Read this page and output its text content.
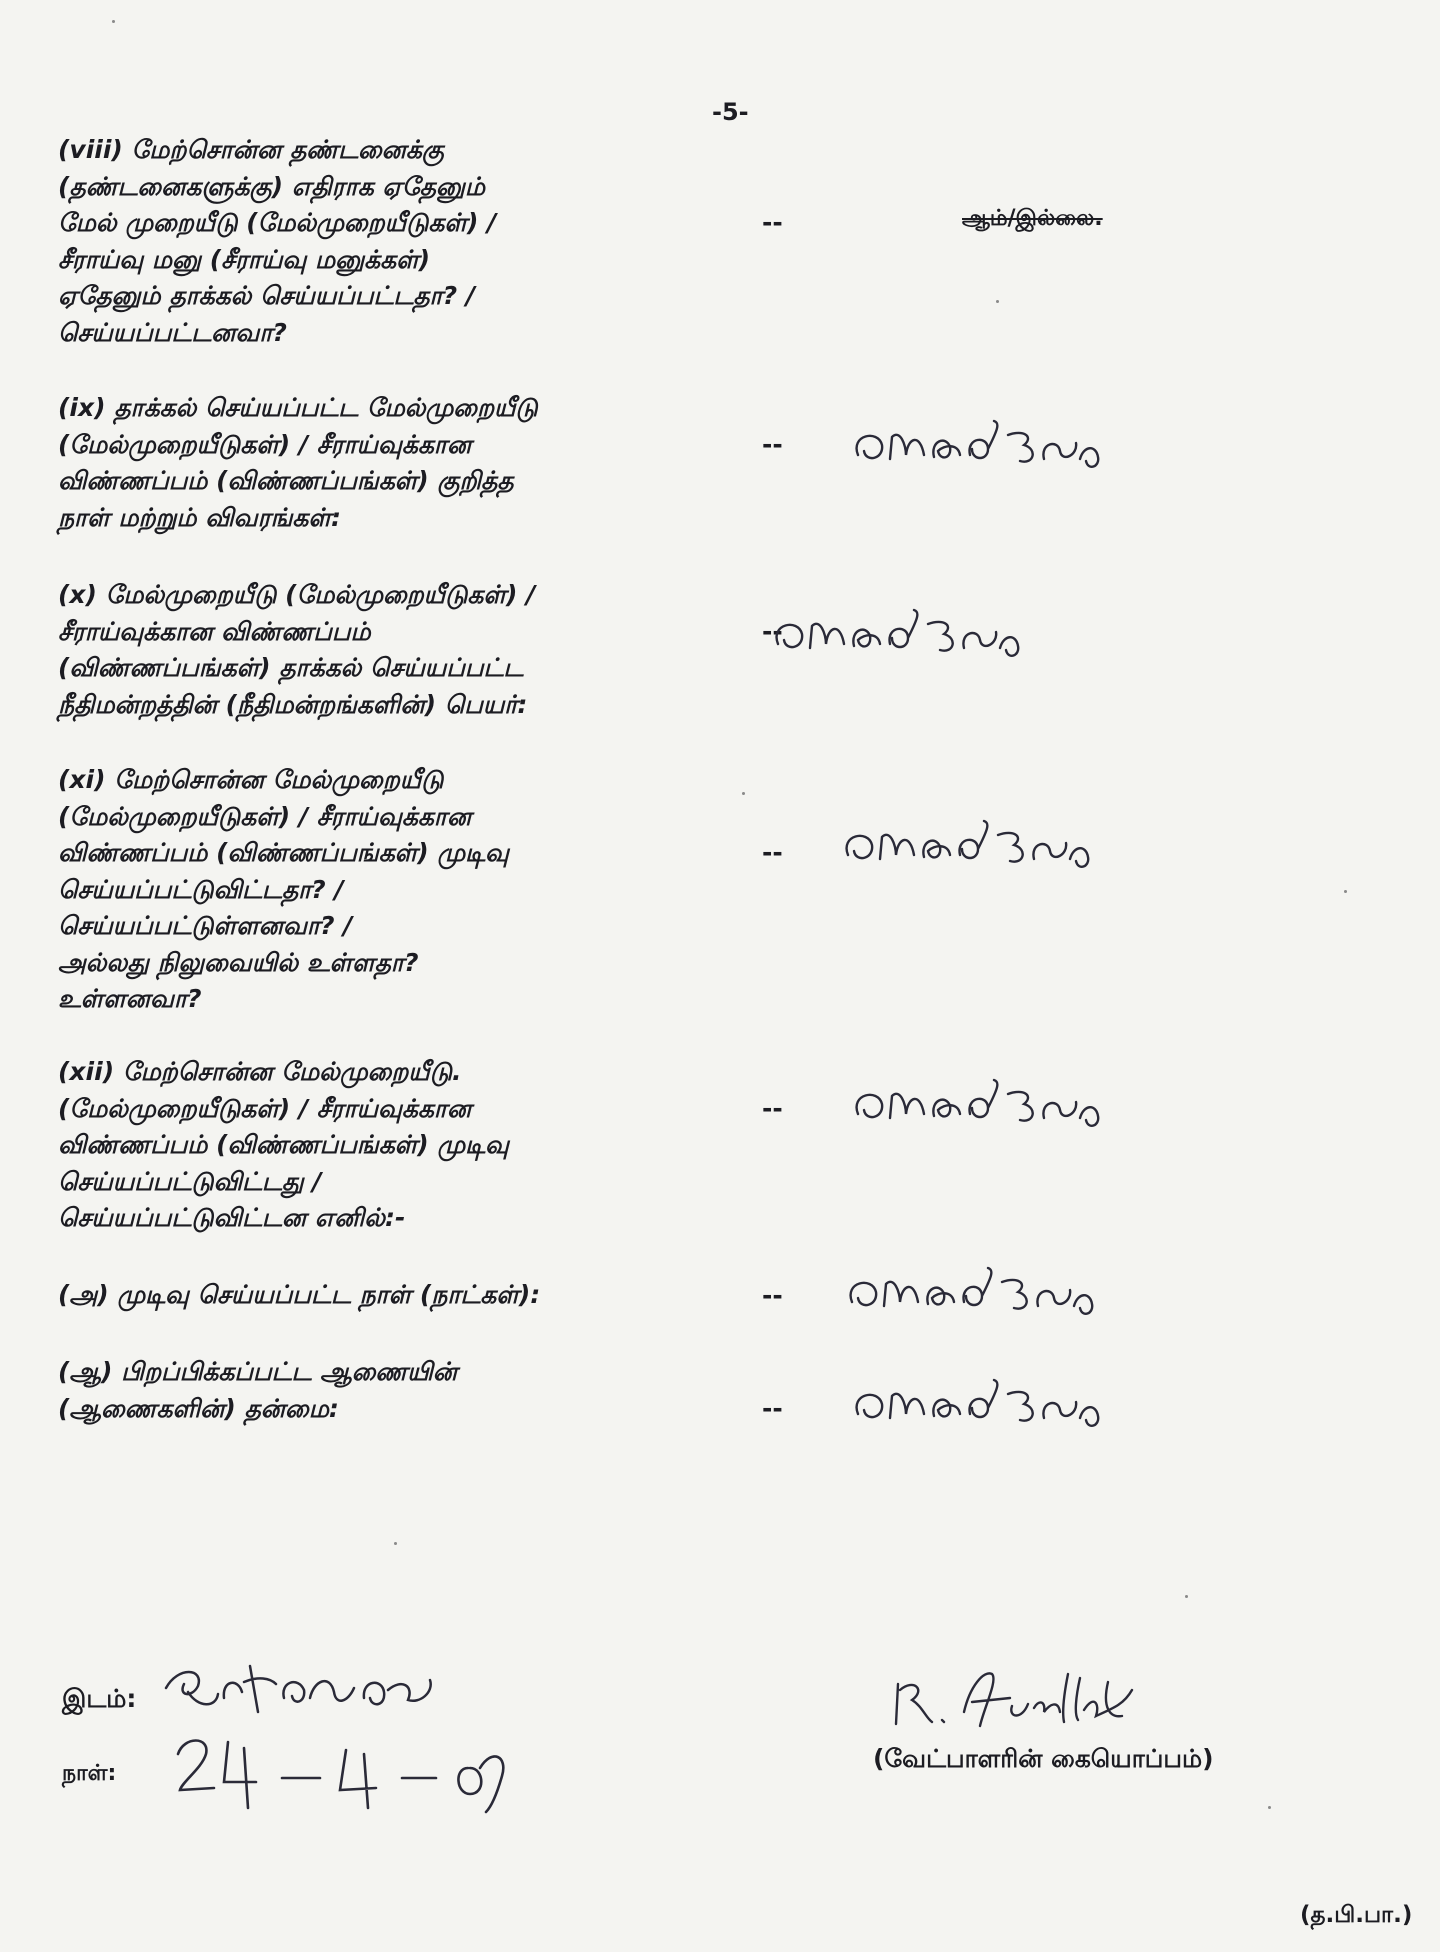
-5-
(viii) மேற்சொன்ன தண்டனைக்கு
(தண்டனைகளுக்கு) எதிராக ஏதேனும்
மேல் முறையீடு (மேல்முறையீடுகள்) /
சீராய்வு மனு (சீராய்வு மனுக்கள்)
ஏதேனும் தாக்கல் செய்யப்பட்டதா? /
செய்யப்பட்டனவா?
--	ஆம்/இல்லை.
(ix) தாக்கல் செய்யப்பட்ட மேல்முறையீடு
(மேல்முறையீடுகள்) / சீராய்வுக்கான
விண்ணப்பம் (விண்ணப்பங்கள்) குறித்த
நாள் மற்றும் விவரங்கள்:
--
(x) மேல்முறையீடு (மேல்முறையீடுகள்) /
சீராய்வுக்கான விண்ணப்பம்
(விண்ணப்பங்கள்) தாக்கல் செய்யப்பட்ட
நீதிமன்றத்தின் (நீதிமன்றங்களின்) பெயர்:
--
(xi) மேற்சொன்ன மேல்முறையீடு
(மேல்முறையீடுகள்) / சீராய்வுக்கான
விண்ணப்பம் (விண்ணப்பங்கள்) முடிவு
செய்யப்பட்டுவிட்டதா? /
செய்யப்பட்டுள்ளனவா? /
அல்லது நிலுவையில் உள்ளதா?
உள்ளனவா?
--
(xii) மேற்சொன்ன மேல்முறையீடு.
(மேல்முறையீடுகள்) / சீராய்வுக்கான
விண்ணப்பம் (விண்ணப்பங்கள்) முடிவு
செய்யப்பட்டுவிட்டது /
செய்யப்பட்டுவிட்டன எனில்:-
--
(அ) முடிவு செய்யப்பட்ட நாள் (நாட்கள்):	--
(ஆ) பிறப்பிக்கப்பட்ட ஆணையின்
(ஆணைகளின்) தன்மை:	--
இடம்:
நாள்:
(வேட்பாளரின் கையொப்பம்)
(த.பி.பா.)
